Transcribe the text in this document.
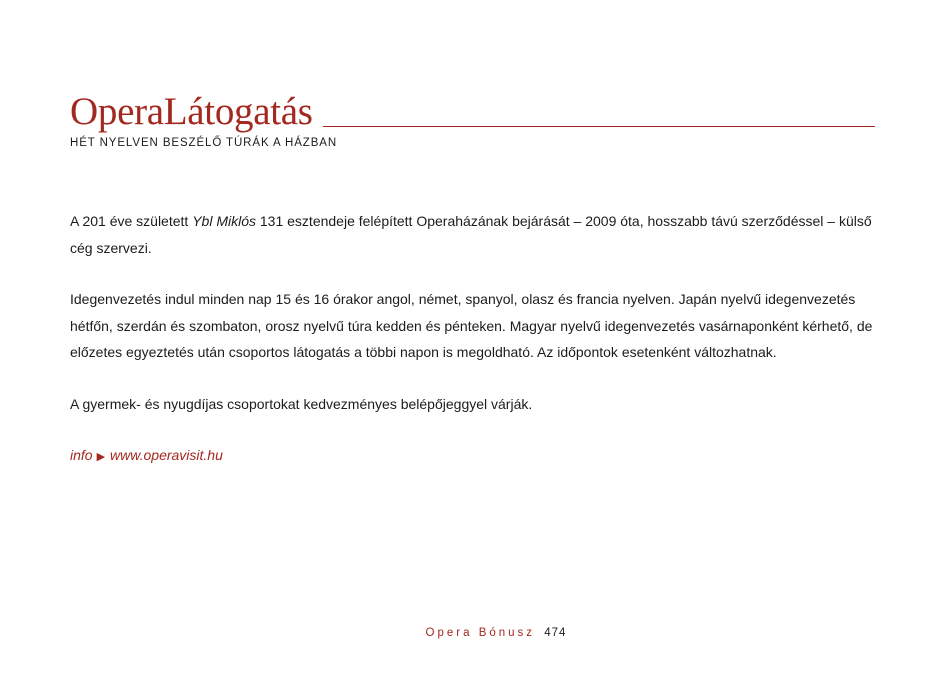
OperaLátogatás
HÉT NYELVEN BESZÉLŐ TÚRÁK A HÁZBAN

A 201 éve született Ybl Miklós 131 esztendeje felépített Operaházának bejárását – 2009 óta, hosszabb távú szerződéssel – külső cég szervezi.

Idegenvezetés indul minden nap 15 és 16 órakor angol, német, spanyol, olasz és francia nyelven. Japán nyelvű idegenvezetés hétfőn, szerdán és szombaton, orosz nyelvű túra kedden és pénteken. Magyar nyelvű idegenvezetés vasárnaponként kérhető, de előzetes egyeztetés után csoportos látogatás a többi napon is megoldható. Az időpontok esetenként változhatnak.

A gyermek- és nyugdíjas csoportokat kedvezményes belépőjeggyel várják.

info ▶ www.operavisit.hu
Opera Bónusz 474
